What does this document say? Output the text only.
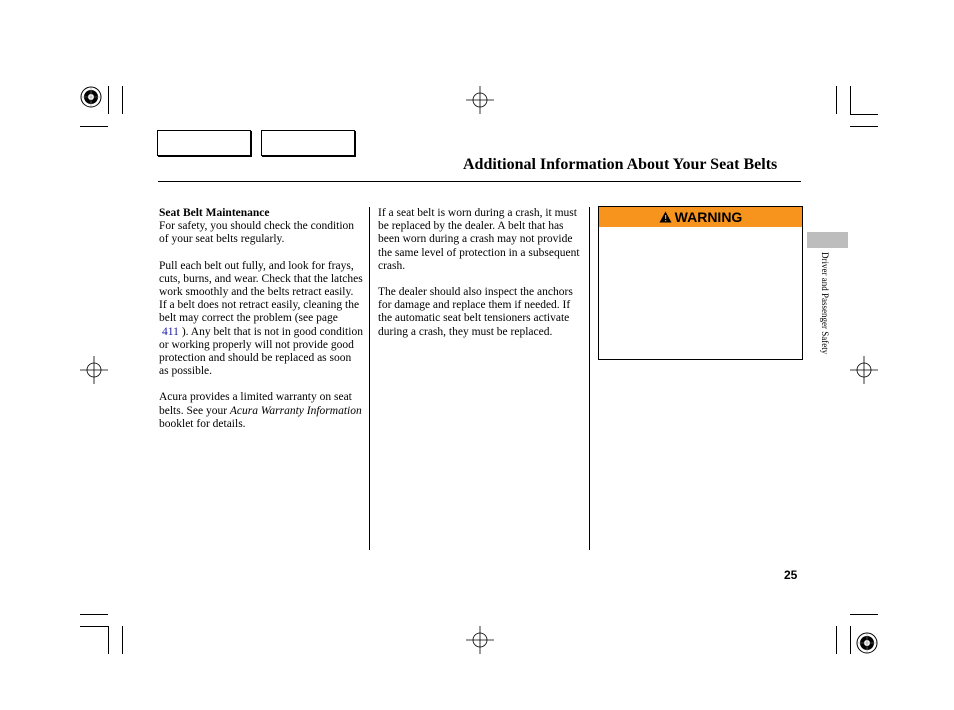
Additional Information About Your Seat Belts
Seat Belt Maintenance

For safety, you should check the condition of your seat belts regularly.

Pull each belt out fully, and look for frays, cuts, burns, and wear. Check that the latches work smoothly and the belts retract easily. If a belt does not retract easily, cleaning the belt may correct the problem (see page 411 ). Any belt that is not in good condition or working properly will not provide good protection and should be replaced as soon as possible.

Acura provides a limited warranty on seat belts. See your Acura Warranty Information booklet for details.

If a seat belt is worn during a crash, it must be replaced by the dealer. A belt that has been worn during a crash may not provide the same level of protection in a subsequent crash.

The dealer should also inspect the anchors for damage and replace them if needed. If the automatic seat belt tensioners activate during a crash, they must be replaced.

WARNING
Driver and Passenger Safety
25
